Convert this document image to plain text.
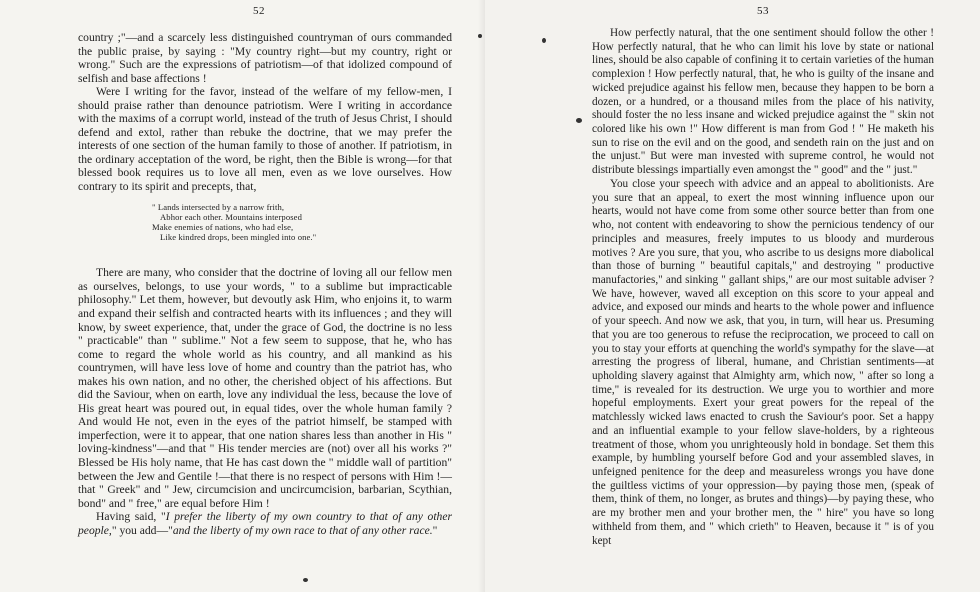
52

country ;"—and a scarcely less distinguished countryman of ours commanded the public praise, by saying : "My country right—but my country, right or wrong." Such are the expressions of patriotism—of that idolized compound of selfish and base affections !

Were I writing for the favor, instead of the welfare of my fellow-men, I should praise rather than denounce patriotism. Were I writing in accordance with the maxims of a corrupt world, instead of the truth of Jesus Christ, I should defend and extol, rather than rebuke the doctrine, that we may prefer the interests of one section of the human family to those of another. If patriotism, in the ordinary acceptation of the word, be right, then the Bible is wrong—for that blessed book requires us to love all men, even as we love ourselves. How contrary to its spirit and precepts, that,

" Lands intersected by a narrow frith,
Abhor each other. Mountains interposed
Make enemies of nations, who had else,
Like kindred drops, been mingled into one."

There are many, who consider that the doctrine of loving all our fellow men as ourselves, belongs, to use your words, " to a sublime but impracticable philosophy." Let them, however, but devoutly ask Him, who enjoins it, to warm and expand their selfish and contracted hearts with its influences ; and they will know, by sweet experience, that, under the grace of God, the doctrine is no less " practicable" than " sublime." Not a few seem to suppose, that he, who has come to regard the whole world as his country, and all mankind as his countrymen, will have less love of home and country than the patriot has, who makes his own nation, and no other, the cherished object of his affections. But did the Saviour, when on earth, love any individual the less, because the love of His great heart was poured out, in equal tides, over the whole human family ? And would He not, even in the eyes of the patriot himself, be stamped with imperfection, were it to appear, that one nation shares less than another in His " loving-kindness"—and that " His tender mercies are (not) over all his works ?" Blessed be His holy name, that He has cast down the " middle wall of partition" between the Jew and Gentile !—that there is no respect of persons with Him !—that " Greek" and " Jew, circumcision and uncircumcision, barbarian, Scythian, bond" and " free," are equal before Him !

Having said, "I prefer the liberty of my own country to that of any other people," you add—"and the liberty of my own race to that of any other race."

53

How perfectly natural, that the one sentiment should follow the other ! How perfectly natural, that he who can limit his love by state or national lines, should be also capable of confining it to certain varieties of the human complexion ! How perfectly natural, that, he who is guilty of the insane and wicked prejudice against his fellow men, because they happen to be born a dozen, or a hundred, or a thousand miles from the place of his nativity, should foster the no less insane and wicked prejudice against the " skin not colored like his own !" How different is man from God ! " He maketh his sun to rise on the evil and on the good, and sendeth rain on the just and on the unjust." But were man invested with supreme control, he would not distribute blessings impartially even amongst the " good" and the " just."

You close your speech with advice and an appeal to abolitionists. Are you sure that an appeal, to exert the most winning influence upon our hearts, would not have come from some other source better than from one who, not content with endeavoring to show the pernicious tendency of our principles and measures, freely imputes to us bloody and murderous motives ? Are you sure, that you, who ascribe to us designs more diabolical than those of burning " beautiful capitals," and destroying " productive manufactories," and sinking " gallant ships," are our most suitable adviser ? We have, however, waved all exception on this score to your appeal and advice, and exposed our minds and hearts to the whole power and influence of your speech. And now we ask, that you, in turn, will hear us. Presuming that you are too generous to refuse the reciprocation, we proceed to call on you to stay your efforts at quenching the world's sympathy for the slave—at arresting the progress of liberal, humane, and Christian sentiments—at upholding slavery against that Almighty arm, which now, " after so long a time," is revealed for its destruction. We urge you to worthier and more hopeful employments. Exert your great powers for the repeal of the matchlessly wicked laws enacted to crush the Saviour's poor. Set a happy and an influential example to your fellow slave-holders, by a righteous treatment of those, whom you unrighteously hold in bondage. Set them this example, by humbling yourself before God and your assembled slaves, in unfeigned penitence for the deep and measureless wrongs you have done the guiltless victims of your oppression—by paying those men, (speak of them, think of them, no longer, as brutes and things)—by paying these, who are my brother men and your brother men, the " hire" you have so long withheld from them, and " which crieth" to Heaven, because it " is of you kept
